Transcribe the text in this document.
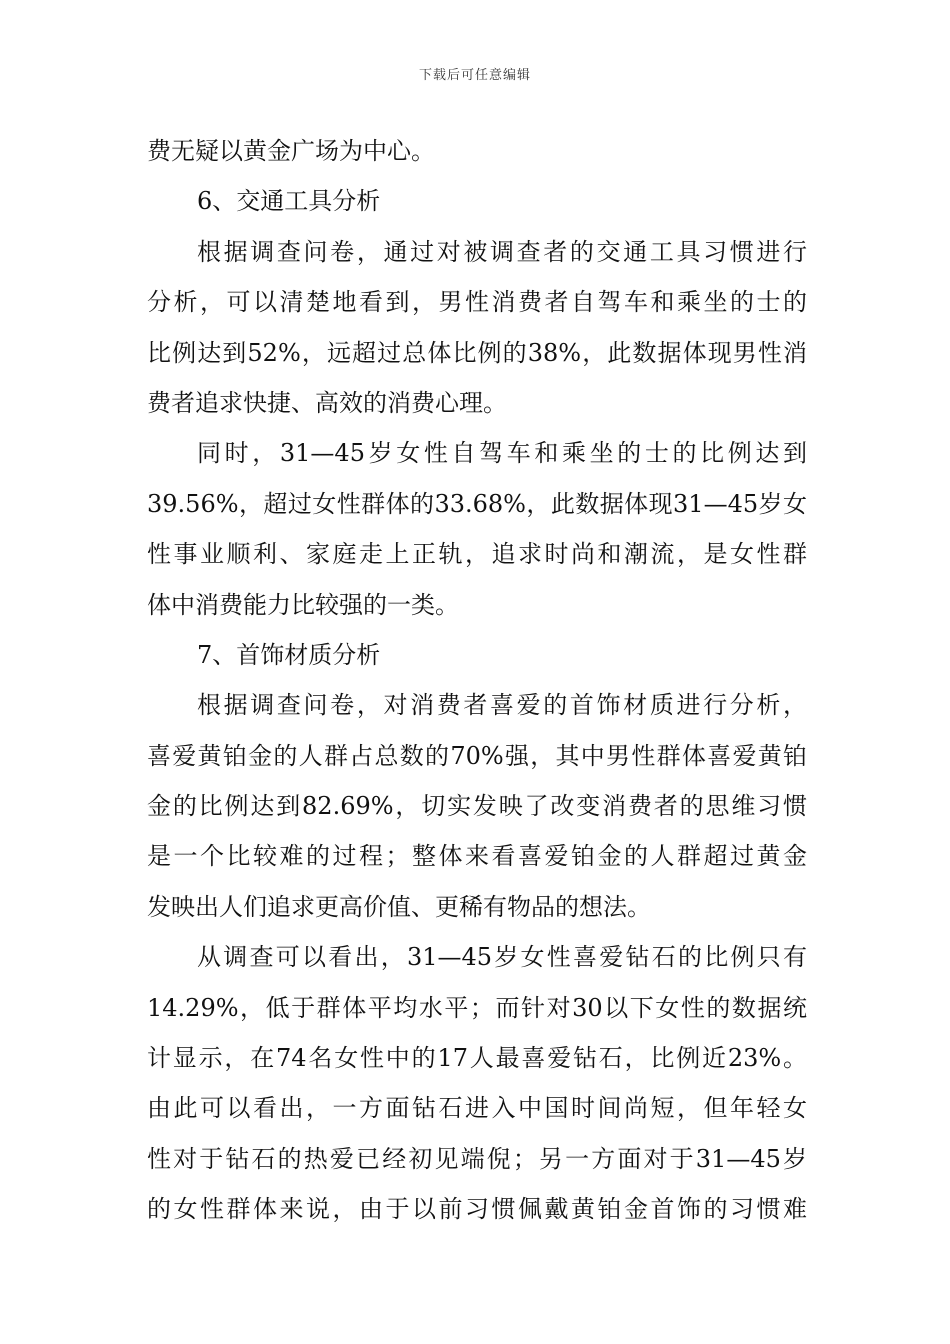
下载后可任意编辑
费无疑以黄金广场为中心。
6、交通工具分析
根据调查问卷，通过对被调查者的交通工具习惯进行
分析，可以清楚地看到，男性消费者自驾车和乘坐的士的
比例达到52%，远超过总体比例的38%，此数据体现男性消
费者追求快捷、高效的消费心理。
同时，31—45岁女性自驾车和乘坐的士的比例达到
39.56%，超过女性群体的33.68%，此数据体现31—45岁女
性事业顺利、家庭走上正轨，追求时尚和潮流，是女性群
体中消费能力比较强的一类。
7、首饰材质分析
根据调查问卷，对消费者喜爱的首饰材质进行分析，
喜爱黄铂金的人群占总数的70%强，其中男性群体喜爱黄铂
金的比例达到82.69%，切实发映了改变消费者的思维习惯
是一个比较难的过程；整体来看喜爱铂金的人群超过黄金
发映出人们追求更高价值、更稀有物品的想法。
从调查可以看出，31—45岁女性喜爱钻石的比例只有
14.29%，低于群体平均水平；而针对30以下女性的数据统
计显示，在74名女性中的17人最喜爱钻石，比例近23%。
由此可以看出，一方面钻石进入中国时间尚短，但年轻女
性对于钻石的热爱已经初见端倪；另一方面对于31—45岁
的女性群体来说，由于以前习惯佩戴黄铂金首饰的习惯难
